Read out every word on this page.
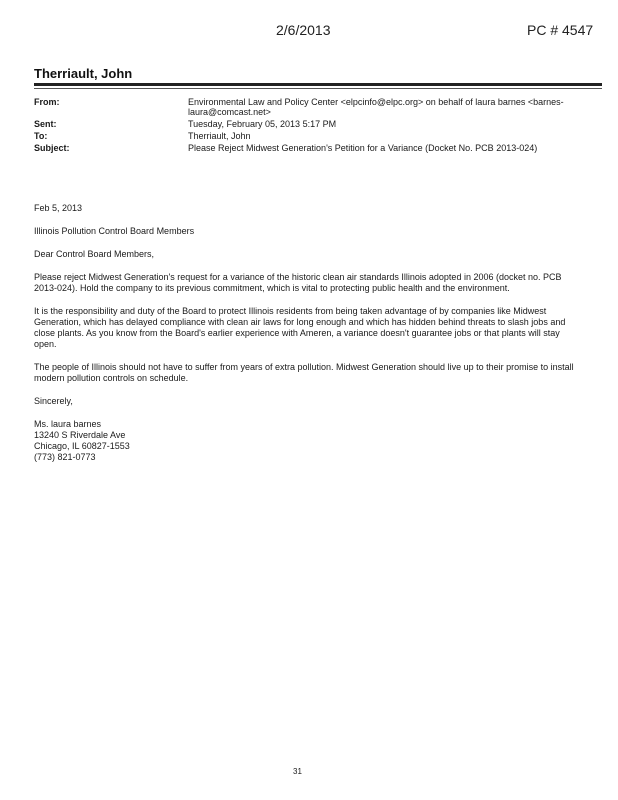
2/6/2013	PC # 4547
Therriault, John
From:	Environmental Law and Policy Center <elpcinfo@elpc.org> on behalf of laura barnes <barnes-laura@comcast.net>
Sent:	Tuesday, February 05, 2013 5:17 PM
To:	Therriault, John
Subject:	Please Reject Midwest Generation's Petition for a Variance (Docket No. PCB 2013-024)

Feb 5, 2013

Illinois Pollution Control Board Members

Dear Control Board Members,

Please reject Midwest Generation's request for a variance of the historic clean air standards Illinois adopted in 2006 (docket no. PCB 2013-024). Hold the company to its previous commitment, which is vital to protecting public health and the environment.

It is the responsibility and duty of the Board to protect Illinois residents from being taken advantage of by companies like Midwest Generation, which has delayed compliance with clean air laws for long enough and which has hidden behind threats to slash jobs and close plants. As you know from the Board's earlier experience with Ameren, a variance doesn't guarantee jobs or that plants will stay open.

The people of Illinois should not have to suffer from years of extra pollution. Midwest Generation should live up to their promise to install modern pollution controls on schedule.

Sincerely,

Ms. laura barnes
13240 S Riverdale Ave
Chicago, IL 60827-1553
(773) 821-0773
31
